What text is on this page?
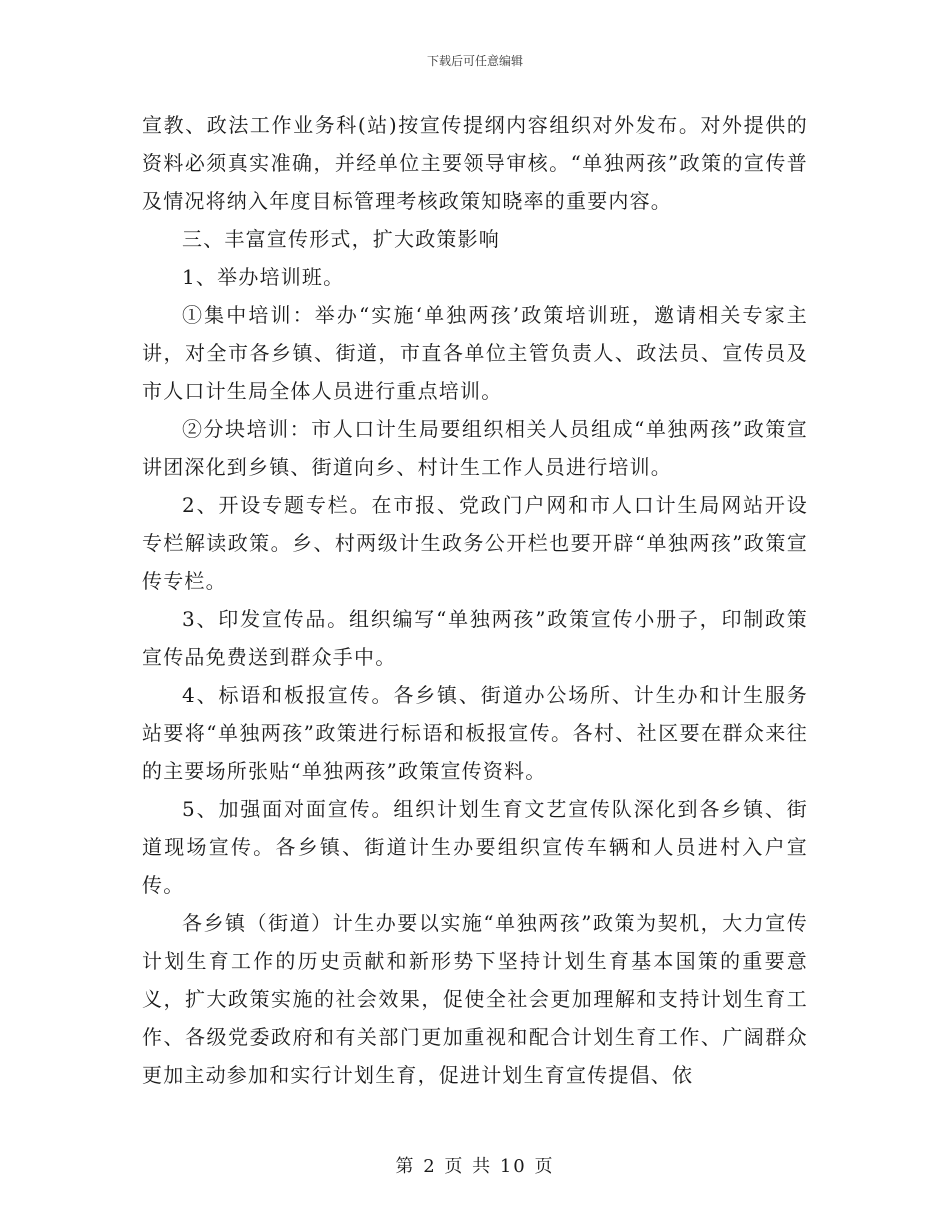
下载后可任意编辑

宣教、政法工作业务科(站)按宣传提纲内容组织对外发布。对外提供的资料必须真实准确，并经单位主要领导审核。“单独两孩”政策的宣传普及情况将纳入年度目标管理考核政策知晓率的重要内容。

三、丰富宣传形式，扩大政策影响

1、举办培训班。

①集中培训：举办“实施‘单独两孩’政策培训班，邀请相关专家主讲，对全市各乡镇、街道，市直各单位主管负责人、政法员、宣传员及市人口计生局全体人员进行重点培训。

②分块培训：市人口计生局要组织相关人员组成“单独两孩”政策宣讲团深化到乡镇、街道向乡、村计生工作人员进行培训。

2、开设专题专栏。在市报、党政门户网和市人口计生局网站开设专栏解读政策。乡、村两级计生政务公开栏也要开辟“单独两孩”政策宣传专栏。

3、印发宣传品。组织编写“单独两孩”政策宣传小册子，印制政策宣传品免费送到群众手中。

4、标语和板报宣传。各乡镇、街道办公场所、计生办和计生服务站要将“单独两孩”政策进行标语和板报宣传。各村、社区要在群众来往的主要场所张贴“单独两孩”政策宣传资料。

5、加强面对面宣传。组织计划生育文艺宣传队深化到各乡镇、街道现场宣传。各乡镇、街道计生办要组织宣传车辆和人员进村入户宣传。

各乡镇（街道）计生办要以实施“单独两孩”政策为契机，大力宣传计划生育工作的历史贡献和新形势下坚持计划生育基本国策的重要意义，扩大政策实施的社会效果，促使全社会更加理解和支持计划生育工作、各级党委政府和有关部门更加重视和配合计划生育工作、广阔群众更加主动参加和实行计划生育，促进计划生育宣传提倡、依

第 2 页 共 10 页
